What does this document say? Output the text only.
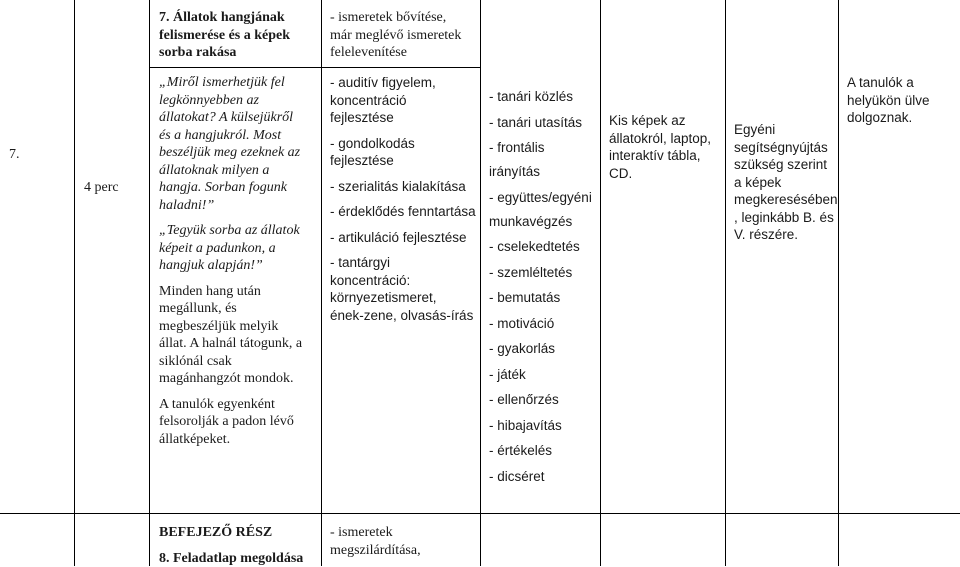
7.
4 perc
7. Állatok hangjának
felismerése és a képek
sorba rakása
- ismeretek bővítése,
már meglévő ismeretek
felelevenítése
„Miről ismerhetjük fel
legkönnyebben az
állatokat? A külsejükről
és a hangjukról. Most
beszéljük meg ezeknek az
állatoknak milyen a
hangja. Sorban fogunk
haladni!”
„Tegyük sorba az állatok
képeit a padunkon, a
hangjuk alapján!”
Minden hang után
megállunk, és
megbeszéljük melyik
állat. A halnál tátogunk, a
siklónál csak
magánhangzót mondok.
A tanulók egyenként
felsorolják a padon lévő
állatképeket.
- auditív figyelem,
koncentráció
fejlesztése
- gondolkodás
fejlesztése
- szerialitás kialakítása
- érdeklődés fenntartása
- artikuláció fejlesztése
- tantárgyi
koncentráció:
környezetismeret,
ének-zene, olvasás-írás
- tanári közlés
- tanári utasítás
- frontális
irányítás
- együttes/egyéni
munkavégzés
- cselekedtetés
- szemléltetés
- bemutatás
- motiváció
- gyakorlás
- játék
- ellenőrzés
- hibajavítás
- értékelés
- dicséret
Kis képek az
állatokról, laptop,
interaktív tábla,
CD.
Egyéni
segítségnyújtás
szükség szerint
a képek
megkeresésében
, leginkább B. és
V. részére.
A tanulók a
helyükön ülve
dolgoznak.
BEFEJEZŐ RÉSZ
8. Feladatlap megoldása
- ismeretek
megszilárdítása,
